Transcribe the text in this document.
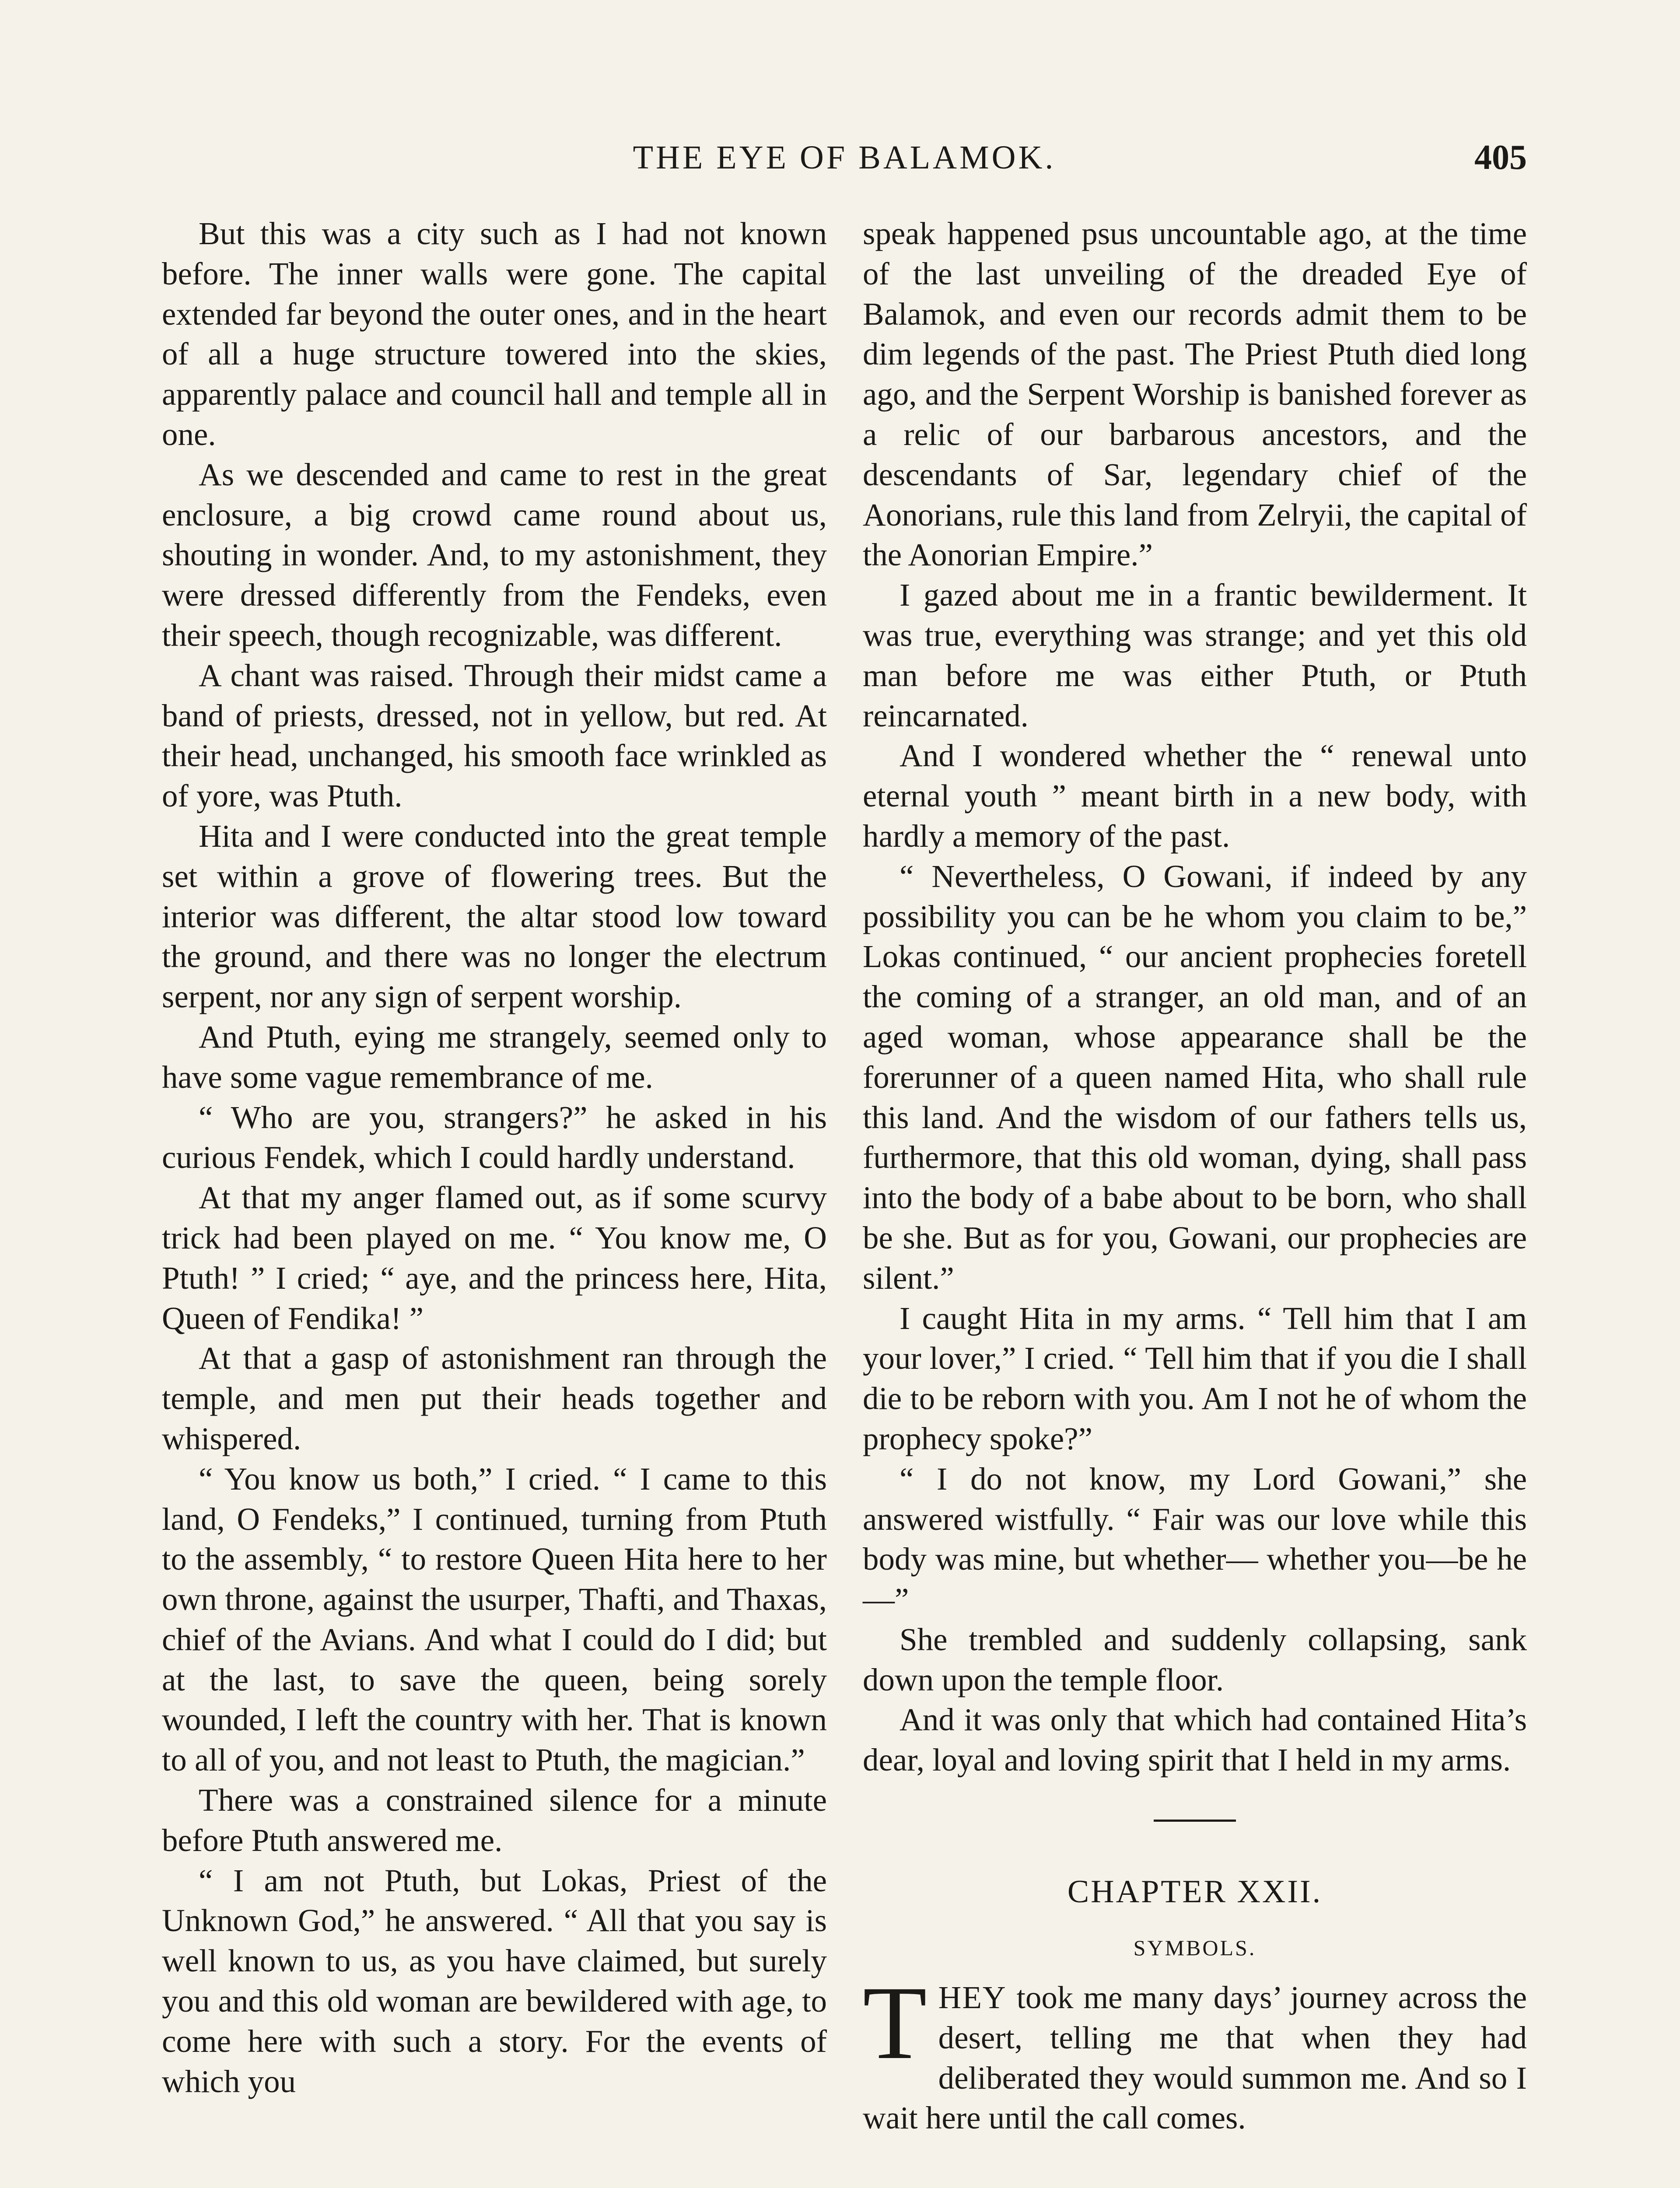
THE EYE OF BALAMOK.	405

But this was a city such as I had not known before. The inner walls were gone. The capital extended far beyond the outer ones, and in the heart of all a huge structure towered into the skies, apparently palace and council hall and temple all in one.

As we descended and came to rest in the great enclosure, a big crowd came round about us, shouting in wonder. And, to my astonishment, they were dressed differently from the Fendeks, even their speech, though recognizable, was different.

A chant was raised. Through their midst came a band of priests, dressed, not in yellow, but red. At their head, unchanged, his smooth face wrinkled as of yore, was Ptuth.

Hita and I were conducted into the great temple set within a grove of flowering trees. But the interior was different, the altar stood low toward the ground, and there was no longer the electrum serpent, nor any sign of serpent worship.

And Ptuth, eying me strangely, seemed only to have some vague remembrance of me.

“ Who are you, strangers?” he asked in his curious Fendek, which I could hardly understand.

At that my anger flamed out, as if some scurvy trick had been played on me. “ You know me, O Ptuth! ” I cried; “ aye, and the princess here, Hita, Queen of Fendika! ”

At that a gasp of astonishment ran through the temple, and men put their heads together and whispered.

“ You know us both,” I cried. “ I came to this land, O Fendeks,” I continued, turning from Ptuth to the assembly, “ to restore Queen Hita here to her own throne, against the usurper, Thafti, and Thaxas, chief of the Avians. And what I could do I did; but at the last, to save the queen, being sorely wounded, I left the country with her. That is known to all of you, and not least to Ptuth, the magician.”

There was a constrained silence for a minute before Ptuth answered me.

“ I am not Ptuth, but Lokas, Priest of the Unknown God,” he answered. “ All that you say is well known to us, as you have claimed, but surely you and this old woman are bewildered with age, to come here with such a story. For the events of which you

speak happened psus uncountable ago, at the time of the last unveiling of the dreaded Eye of Balamok, and even our records admit them to be dim legends of the past. The Priest Ptuth died long ago, and the Serpent Worship is banished forever as a relic of our barbarous ancestors, and the descendants of Sar, legendary chief of the Aonorians, rule this land from Zelryii, the capital of the Aonorian Empire.”

I gazed about me in a frantic bewilderment. It was true, everything was strange; and yet this old man before me was either Ptuth, or Ptuth reincarnated.

And I wondered whether the “ renewal unto eternal youth ” meant birth in a new body, with hardly a memory of the past.

“ Nevertheless, O Gowani, if indeed by any possibility you can be he whom you claim to be,” Lokas continued, “ our ancient prophecies foretell the coming of a stranger, an old man, and of an aged woman, whose appearance shall be the forerunner of a queen named Hita, who shall rule this land. And the wisdom of our fathers tells us, furthermore, that this old woman, dying, shall pass into the body of a babe about to be born, who shall be she. But as for you, Gowani, our prophecies are silent.”

I caught Hita in my arms. “ Tell him that I am your lover,” I cried. “ Tell him that if you die I shall die to be reborn with you. Am I not he of whom the prophecy spoke?”

“ I do not know, my Lord Gowani,” she answered wistfully. “ Fair was our love while this body was mine, but whether— whether you—be he—”

She trembled and suddenly collapsing, sank down upon the temple floor.

And it was only that which had contained Hita’s dear, loyal and loving spirit that I held in my arms.

CHAPTER XXII.
SYMBOLS.

THEY took me many days’ journey across the desert, telling me that when they had deliberated they would summon me. And so I wait here until the call comes.
